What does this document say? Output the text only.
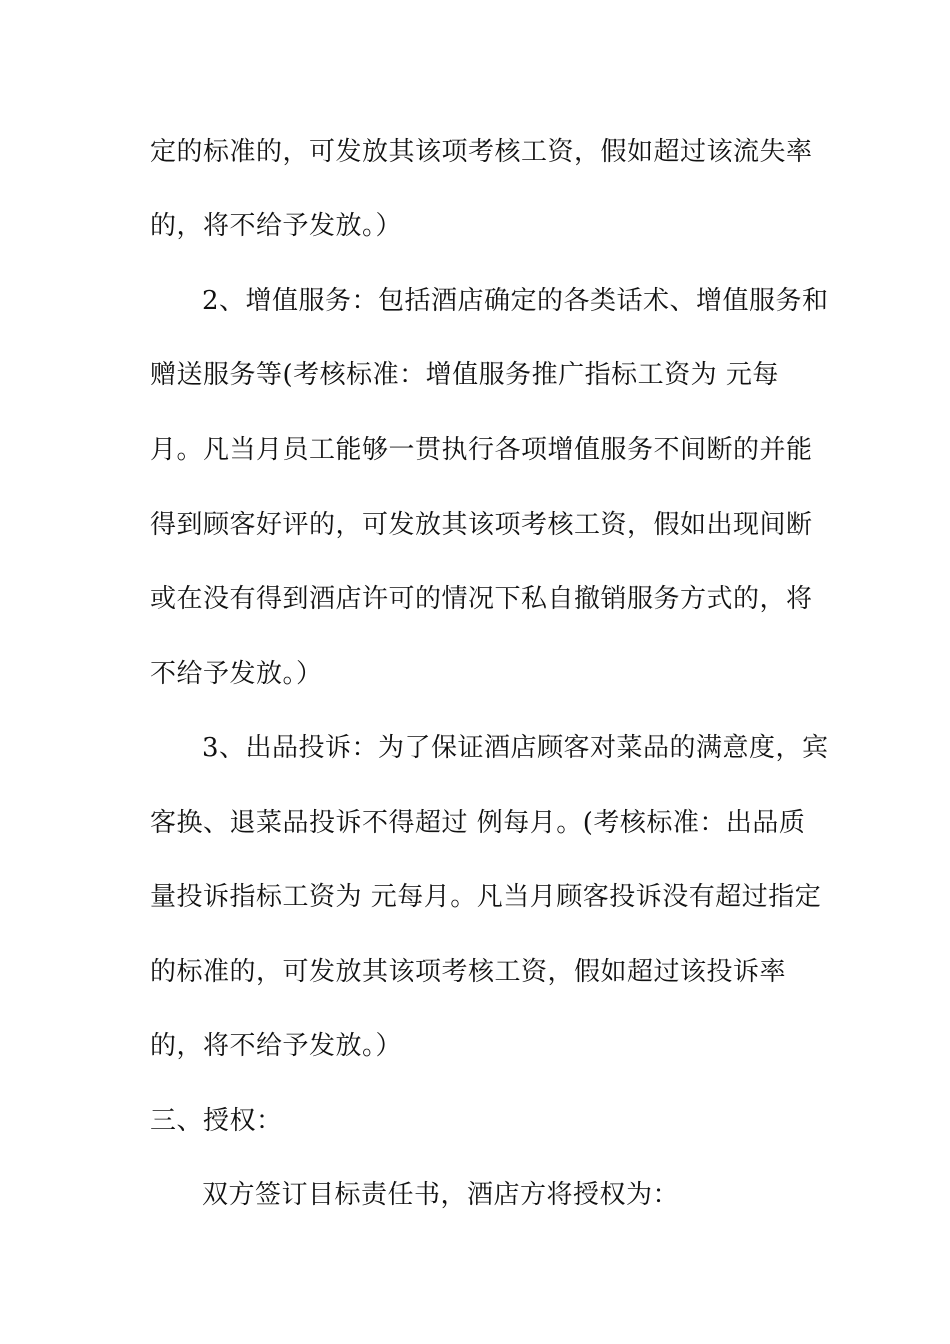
定的标准的，可发放其该项考核工资，假如超过该流失率
的，将不给予发放。）
2、增值服务：包括酒店确定的各类话术、增值服务和
赠送服务等(考核标准：增值服务推广指标工资为 元每
月。凡当月员工能够一贯执行各项增值服务不间断的并能
得到顾客好评的，可发放其该项考核工资，假如出现间断
或在没有得到酒店许可的情况下私自撤销服务方式的，将
不给予发放。）
3、出品投诉：为了保证酒店顾客对菜品的满意度，宾
客换、退菜品投诉不得超过 例每月。(考核标准：出品质
量投诉指标工资为 元每月。凡当月顾客投诉没有超过指定
的标准的，可发放其该项考核工资，假如超过该投诉率
的，将不给予发放。）
三、授权：
双方签订目标责任书，酒店方将授权为：
